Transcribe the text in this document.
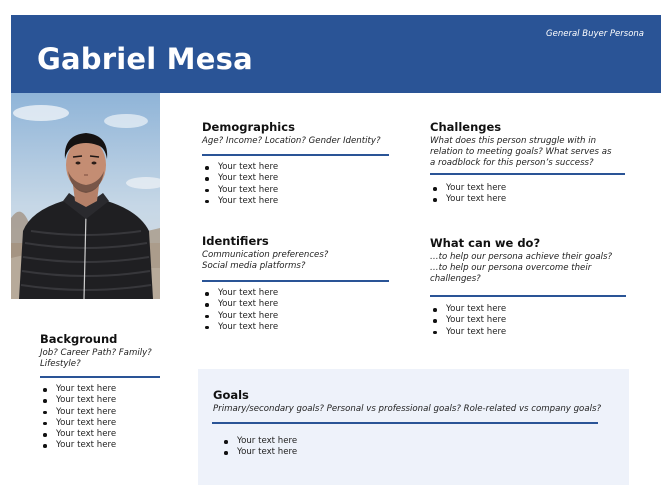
Gabriel Mesa
General Buyer Persona
Demographics

Age? Income? Location? Gender Identity?

Your text here
Your text here
Your text here
Your text here
Identifiers

Communication preferences?
Social media platforms?

Your text here
Your text here
Your text here
Your text here
Challenges

What does this person struggle with in
relation to meeting goals? What serves as
a roadblock for this person’s success?

Your text here
Your text here
What can we do?

…to help our persona achieve their goals?
…to help our persona overcome their
challenges?

Your text here
Your text here
Your text here
Background

Job? Career Path? Family?
Lifestyle?

Your text here
Your text here
Your text here
Your text here
Your text here
Your text here
Goals

Primary/secondary goals? Personal vs professional goals? Role-related vs company goals?

Your text here
Your text here
